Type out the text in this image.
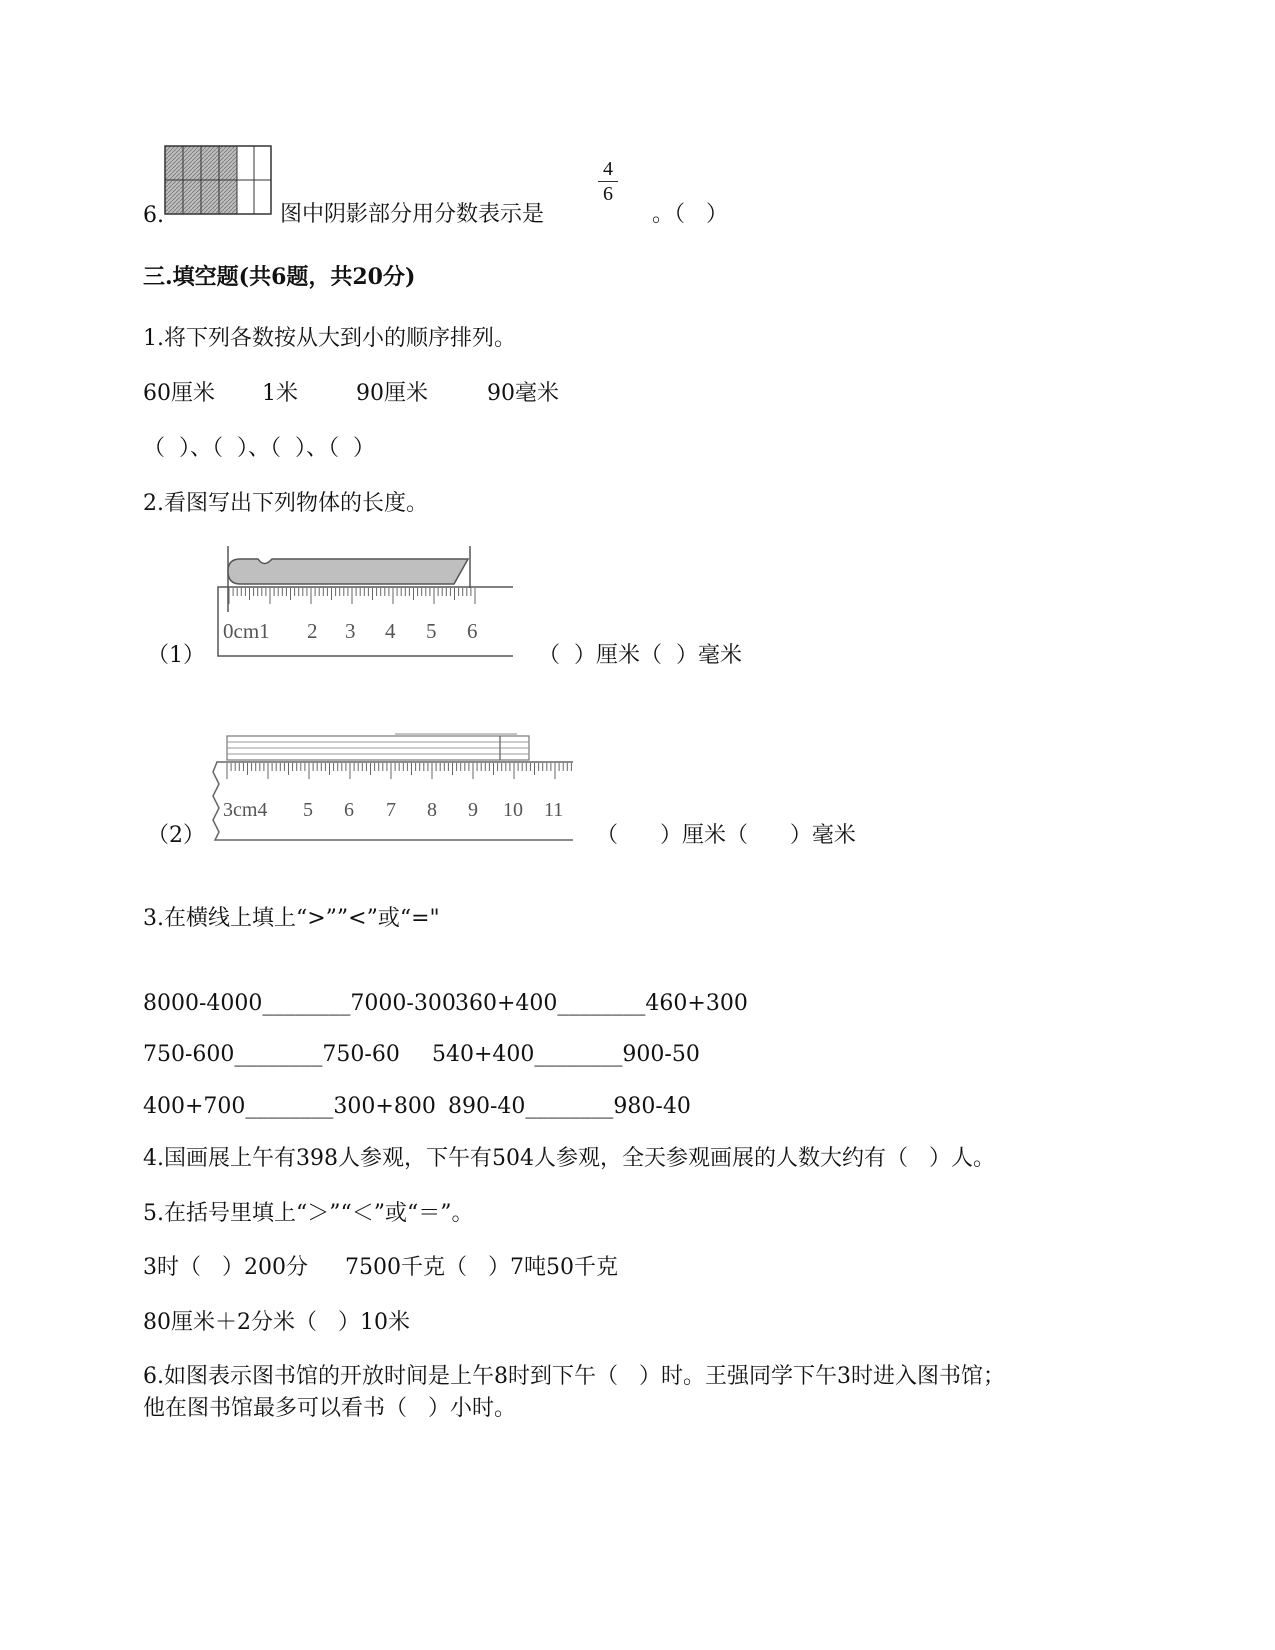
6.	图中阴影部分用分数表示是
4
6
。（   ）
三.填空题(共6题，共20分)
1.将下列各数按从大到小的顺序排列。
60厘米 1米	90厘米	90毫米
（  ）、（  ）、（  ）、（  ）
2.看图写出下列物体的长度。
（1）
0cm1 2 3 4 5 6
（  ）厘米（  ）毫米
（2）
3cm4 5 6 7 8 9 10 11
（      ）厘米（      ）毫米
3.在横线上填上“>””<”或“="
8000-4000________7000-300 360+400________460+300
750-600________750-60 540+400________900-50
400+700________300+800 890-40________980-40
4.国画展上午有398人参观，下午有504人参观，全天参观画展的人数大约有（   ）人。
5.在括号里填上“＞”“＜”或“＝”。
3时（   ）200分 7500千克（   ）7吨50千克
80厘米＋2分米（   ）10米
6.如图表示图书馆的开放时间是上午8时到下午（   ）时。王强同学下午3时进入图书馆；
他在图书馆最多可以看书（   ）小时。
